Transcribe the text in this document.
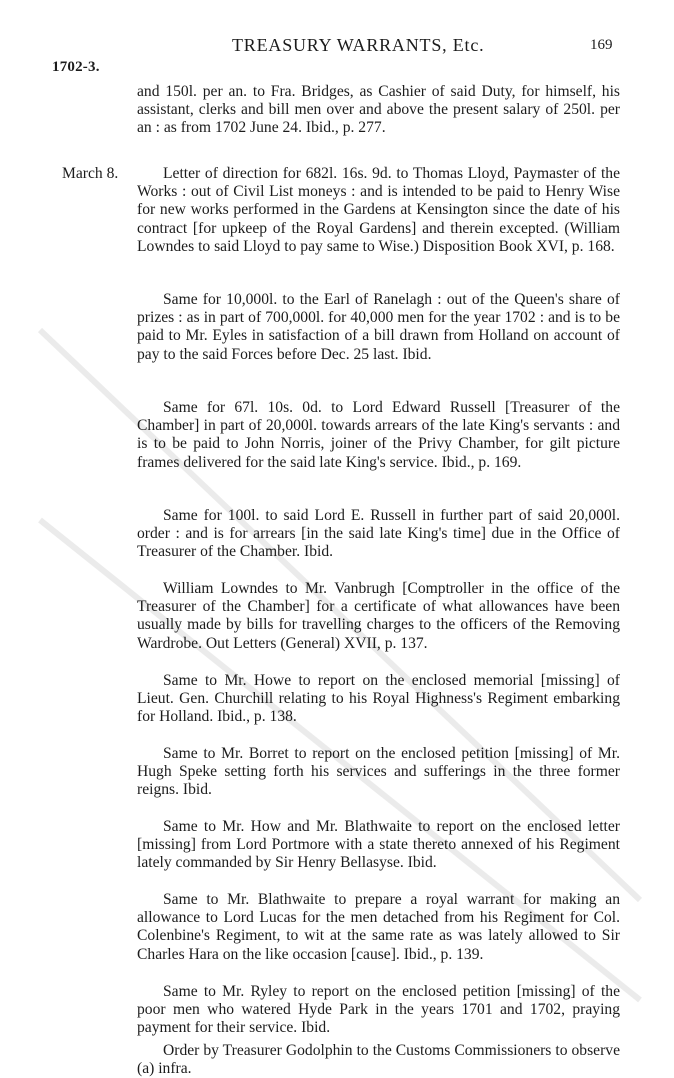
1702-3.
TREASURY WARRANTS, Etc.	169
and 150l. per an. to Fra. Bridges, as Cashier of said Duty, for himself, his assistant, clerks and bill men over and above the present salary of 250l. per an : as from 1702 June 24. Ibid., p. 277.
March 8.	Letter of direction for 682l. 16s. 9d. to Thomas Lloyd, Paymaster of the Works : out of Civil List moneys : and is intended to be paid to Henry Wise for new works performed in the Gardens at Kensington since the date of his contract [for upkeep of the Royal Gardens] and therein excepted. (William Lowndes to said Lloyd to pay same to Wise.) Disposition Book XVI, p. 168.
Same for 10,000l. to the Earl of Ranelagh : out of the Queen's share of prizes : as in part of 700,000l. for 40,000 men for the year 1702 : and is to be paid to Mr. Eyles in satisfaction of a bill drawn from Holland on account of pay to the said Forces before Dec. 25 last. Ibid.
Same for 67l. 10s. 0d. to Lord Edward Russell [Treasurer of the Chamber] in part of 20,000l. towards arrears of the late King's servants : and is to be paid to John Norris, joiner of the Privy Chamber, for gilt picture frames delivered for the said late King's service. Ibid., p. 169.
Same for 100l. to said Lord E. Russell in further part of said 20,000l. order : and is for arrears [in the said late King's time] due in the Office of Treasurer of the Chamber. Ibid.
William Lowndes to Mr. Vanbrugh [Comptroller in the office of the Treasurer of the Chamber] for a certificate of what allowances have been usually made by bills for travelling charges to the officers of the Removing Wardrobe. Out Letters (General) XVII, p. 137.
Same to Mr. Howe to report on the enclosed memorial [missing] of Lieut. Gen. Churchill relating to his Royal Highness's Regiment embarking for Holland. Ibid., p. 138.
Same to Mr. Borret to report on the enclosed petition [missing] of Mr. Hugh Speke setting forth his services and sufferings in the three former reigns. Ibid.
Same to Mr. How and Mr. Blathwaite to report on the enclosed letter [missing] from Lord Portmore with a state thereto annexed of his Regiment lately commanded by Sir Henry Bellasyse. Ibid.
Same to Mr. Blathwaite to prepare a royal warrant for making an allowance to Lord Lucas for the men detached from his Regiment for Col. Colenbine's Regiment, to wit at the same rate as was lately allowed to Sir Charles Hara on the like occasion [cause]. Ibid., p. 139.
Same to Mr. Ryley to report on the enclosed petition [missing] of the poor men who watered Hyde Park in the years 1701 and 1702, praying payment for their service. Ibid.
Order by Treasurer Godolphin to the Customs Commissioners to observe (a) infra.
